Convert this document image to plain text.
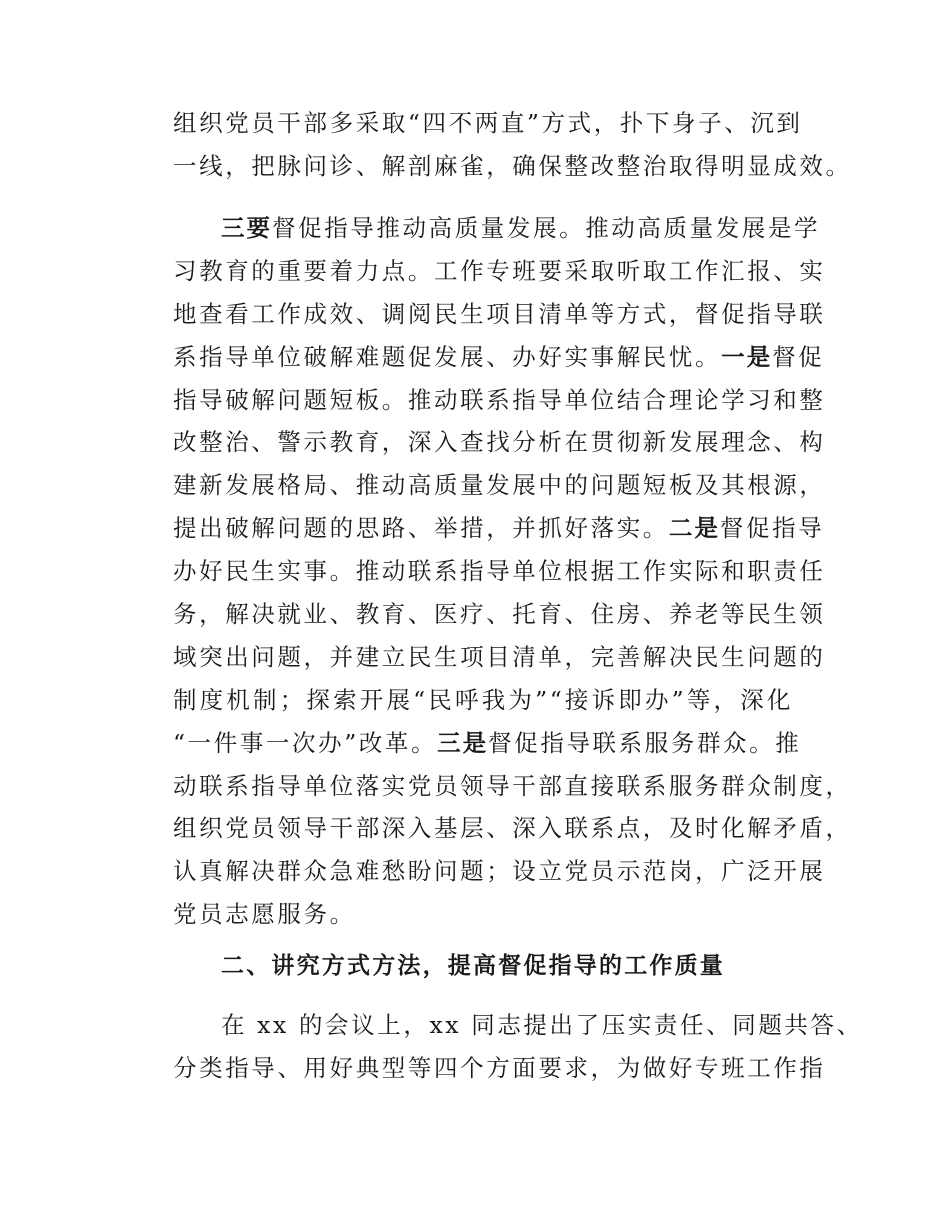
组织党员干部多采取“四不两直”方式，扑下身子、沉到
一线，把脉问诊、解剖麻雀，确保整改整治取得明显成效。
三要督促指导推动高质量发展。推动高质量发展是学
习教育的重要着力点。工作专班要采取听取工作汇报、实
地查看工作成效、调阅民生项目清单等方式，督促指导联
系指导单位破解难题促发展、办好实事解民忧。一是督促
指导破解问题短板。推动联系指导单位结合理论学习和整
改整治、警示教育，深入查找分析在贯彻新发展理念、构
建新发展格局、推动高质量发展中的问题短板及其根源，
提出破解问题的思路、举措，并抓好落实。二是督促指导
办好民生实事。推动联系指导单位根据工作实际和职责任
务，解决就业、教育、医疗、托育、住房、养老等民生领
域突出问题，并建立民生项目清单，完善解决民生问题的
制度机制；探索开展“民呼我为”“接诉即办”等，深化
“一件事一次办”改革。三是督促指导联系服务群众。推
动联系指导单位落实党员领导干部直接联系服务群众制度，
组织党员领导干部深入基层、深入联系点，及时化解矛盾，
认真解决群众急难愁盼问题；设立党员示范岗，广泛开展
党员志愿服务。
二、讲究方式方法，提高督促指导的工作质量
在 xx 的会议上，xx 同志提出了压实责任、同题共答、
分类指导、用好典型等四个方面要求，为做好专班工作指
